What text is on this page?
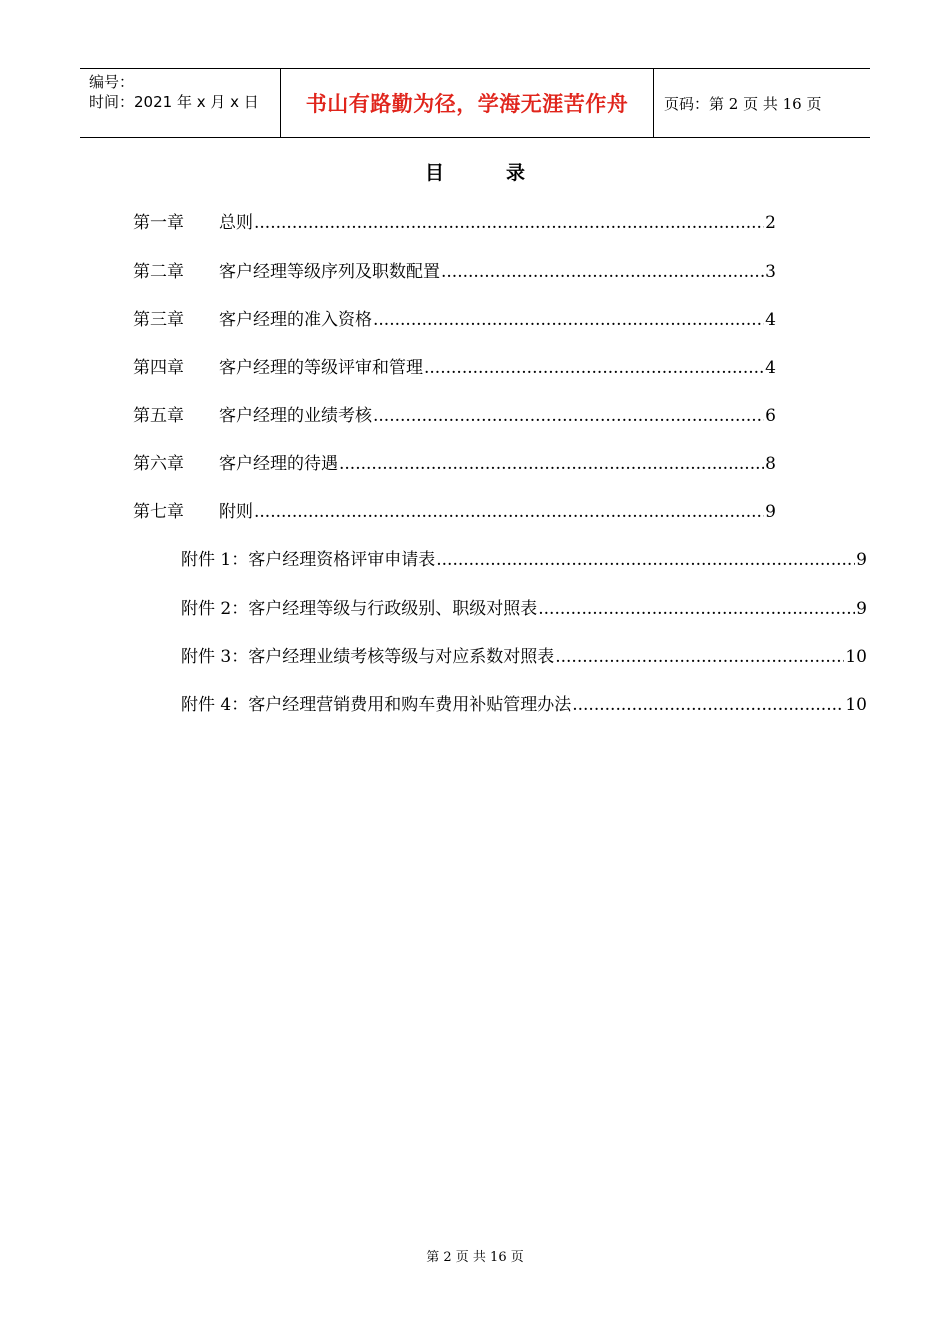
编号：
时间：2021 年 x 月 x 日 书山有路勤为径，学海无涯苦作舟 页码：第 2 页 共 16 页
目	录
第一章	总则 .....	2
第二章	客户经理等级序列及职数配置 .....	3
第三章	客户经理的准入资格 .....	4
第四章	客户经理的等级评审和管理 .....	4
第五章	客户经理的业绩考核 .....	6
第六章	客户经理的待遇 .....	8
第七章	附则 .....	9
附件 1：客户经理资格评审申请表 .....	9
附件 2：客户经理等级与行政级别、职级对照表 .....	9
附件 3：客户经理业绩考核等级与对应系数对照表 .....	10
附件 4：客户经理营销费用和购车费用补贴管理办法 .....	10
第 2 页 共 16 页
